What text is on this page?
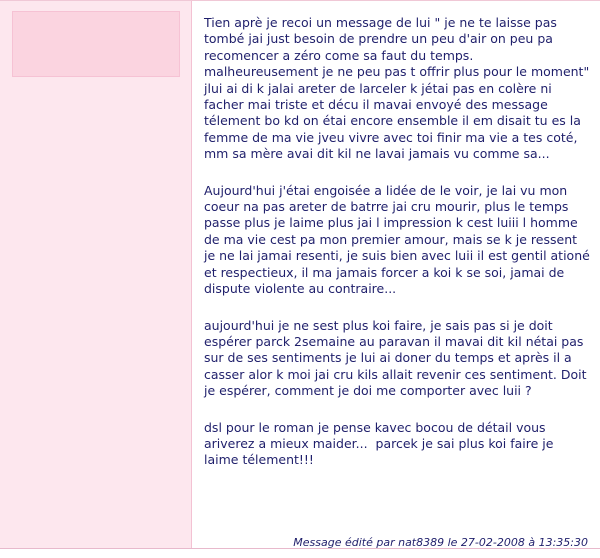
Tien aprè je recoi un message de lui " je ne te laisse pas tombé jai just besoin de prendre un peu d'air on peu pa recomencer a zéro come sa faut du temps. malheureusement je ne peu pas t offrir plus pour le moment" jlui ai di k jalai areter de larceler k jétai pas en colère ni facher mai triste et décu il mavai envoyé des message télement bo kd on étai encore ensemble il em disait tu es la femme de ma vie jveu vivre avec toi finir ma vie a tes coté, mm sa mère avai dit kil ne lavai jamais vu comme sa...

Aujourd'hui j'étai engoisée a lidée de le voir, je lai vu mon coeur na pas areter de batrre jai cru mourir, plus le temps passe plus je laime plus jai l impression k cest luiii l homme de ma vie cest pa mon premier amour, mais se k je ressent je ne lai jamai resenti, je suis bien avec luii il est gentil ationé et respectieux, il ma jamais forcer a koi k se soi, jamai de dispute violente au contraire...

aujourd'hui je ne sest plus koi faire, je sais pas si je doit espérer parck 2semaine au paravan il mavai dit kil nétai pas sur de ses sentiments je lui ai doner du temps et après il a casser alor k moi jai cru kils allait revenir ces sentiment. Doit je espérer, comment je doi me comporter avec luii ?

dsl pour le roman je pense kavec bocou de détail vous ariverez a mieux maider...  parcek je sai plus koi faire je laime télement!!!

Message édité par nat8389 le 27-02-2008 à 13:35:30
